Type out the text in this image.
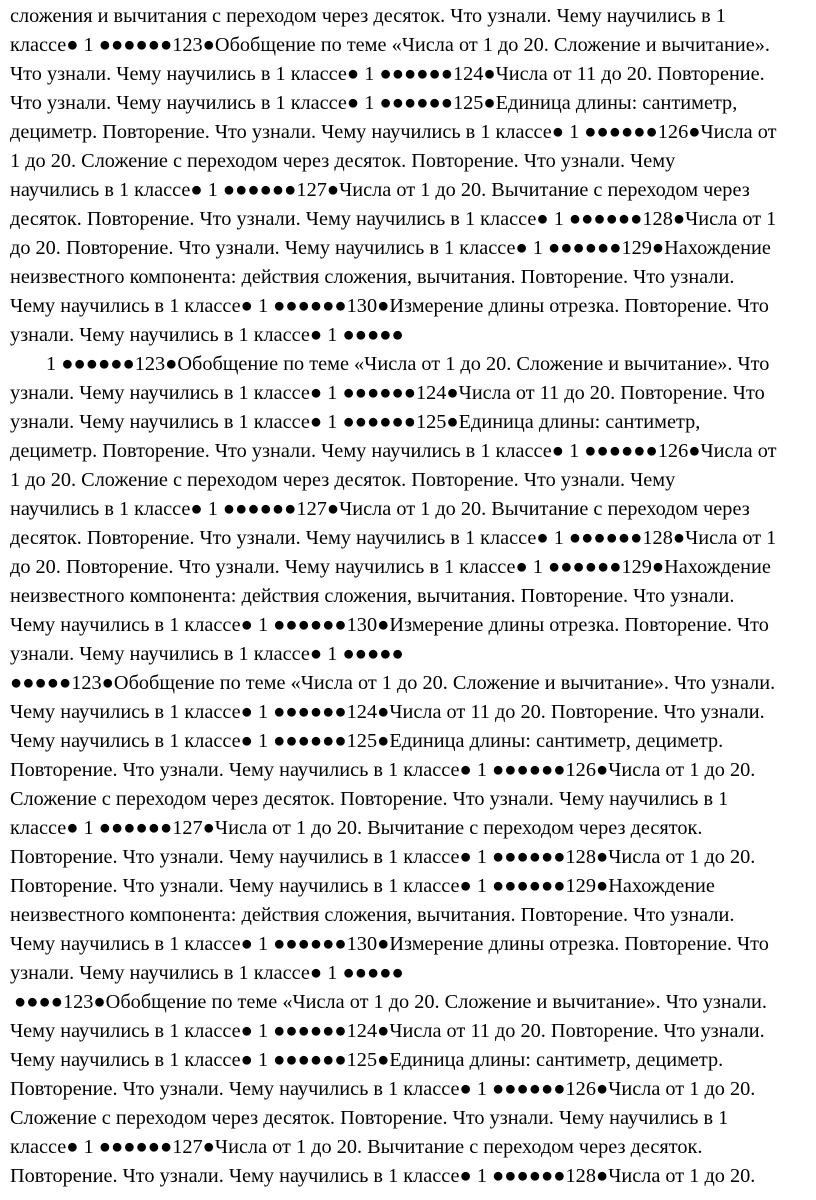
сложения и вычитания с переходом через десяток. Что узнали. Чему научились в 1
классе● 1 ●●●●●●123●Обобщение по теме «Числа от 1 до 20. Сложение и вычитание».
Что узнали. Чему научились в 1 классе● 1 ●●●●●●124●Числа от 11 до 20. Повторение.
Что узнали. Чему научились в 1 классе● 1 ●●●●●●125●Единица длины: сантиметр,
дециметр. Повторение. Что узнали. Чему научились в 1 классе● 1 ●●●●●●126●Числа от
1 до 20. Сложение с переходом через десяток. Повторение. Что узнали. Чему
научились в 1 классе● 1 ●●●●●●127●Числа от 1 до 20. Вычитание с переходом через
десяток. Повторение. Что узнали. Чему научились в 1 классе● 1 ●●●●●●128●Числа от 1
до 20. Повторение. Что узнали. Чему научились в 1 классе● 1 ●●●●●●129●Нахождение
неизвестного компонента: действия сложения, вычитания. Повторение. Что узнали.
Чему научились в 1 классе● 1 ●●●●●●130●Измерение длины отрезка. Повторение. Что
узнали. Чему научились в 1 классе● 1 ●●●●●
1 ●●●●●●123●Обобщение по теме «Числа от 1 до 20. Сложение и вычитание». Что
узнали. Чему научились в 1 классе● 1 ●●●●●●124●Числа от 11 до 20. Повторение. Что
узнали. Чему научились в 1 классе● 1 ●●●●●●125●Единица длины: сантиметр,
дециметр. Повторение. Что узнали. Чему научились в 1 классе● 1 ●●●●●●126●Числа от
1 до 20. Сложение с переходом через десяток. Повторение. Что узнали. Чему
научились в 1 классе● 1 ●●●●●●127●Числа от 1 до 20. Вычитание с переходом через
десяток. Повторение. Что узнали. Чему научились в 1 классе● 1 ●●●●●●128●Числа от 1
до 20. Повторение. Что узнали. Чему научились в 1 классе● 1 ●●●●●●129●Нахождение
неизвестного компонента: действия сложения, вычитания. Повторение. Что узнали.
Чему научились в 1 классе● 1 ●●●●●●130●Измерение длины отрезка. Повторение. Что
узнали. Чему научились в 1 классе● 1 ●●●●●
●●●●●123●Обобщение по теме «Числа от 1 до 20. Сложение и вычитание». Что узнали.
Чему научились в 1 классе● 1 ●●●●●●124●Числа от 11 до 20. Повторение. Что узнали.
Чему научились в 1 классе● 1 ●●●●●●125●Единица длины: сантиметр, дециметр.
Повторение. Что узнали. Чему научились в 1 классе● 1 ●●●●●●126●Числа от 1 до 20.
Сложение с переходом через десяток. Повторение. Что узнали. Чему научились в 1
классе● 1 ●●●●●●127●Числа от 1 до 20. Вычитание с переходом через десяток.
Повторение. Что узнали. Чему научились в 1 классе● 1 ●●●●●●128●Числа от 1 до 20.
Повторение. Что узнали. Чему научились в 1 классе● 1 ●●●●●●129●Нахождение
неизвестного компонента: действия сложения, вычитания. Повторение. Что узнали.
Чему научились в 1 классе● 1 ●●●●●●130●Измерение длины отрезка. Повторение. Что
узнали. Чему научились в 1 классе● 1 ●●●●●
●●●●123●Обобщение по теме «Числа от 1 до 20. Сложение и вычитание». Что узнали.
Чему научились в 1 классе● 1 ●●●●●●124●Числа от 11 до 20. Повторение. Что узнали.
Чему научились в 1 классе● 1 ●●●●●●125●Единица длины: сантиметр, дециметр.
Повторение. Что узнали. Чему научились в 1 классе● 1 ●●●●●●126●Числа от 1 до 20.
Сложение с переходом через десяток. Повторение. Что узнали. Чему научились в 1
классе● 1 ●●●●●●127●Числа от 1 до 20. Вычитание с переходом через десяток.
Повторение. Что узнали. Чему научились в 1 классе● 1 ●●●●●●128●Числа от 1 до 20.
